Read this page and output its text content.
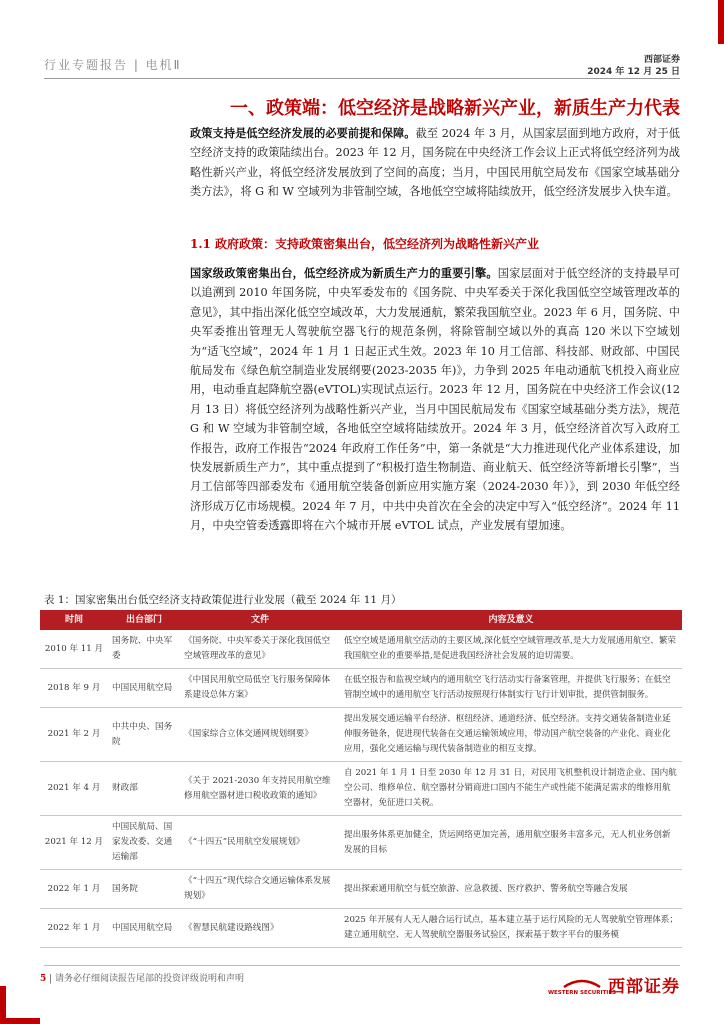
行业专题报告 | 电机Ⅱ	西部证券
2024 年 12 月 25 日
一、政策端：低空经济是战略新兴产业，新质生产力代表
政策支持是低空经济发展的必要前提和保障。截至 2024 年 3 月，从国家层面到地方政府，对于低空经济支持的政策陆续出台。2023 年 12 月，国务院在中央经济工作会议上正式将低空经济列为战略性新兴产业，将低空经济发展放到了空间的高度；当月，中国民用航空局发布《国家空域基础分类方法》，将 G 和 W 空域列为非管制空域，各地低空空域将陆续放开，低空经济发展步入快车道。
1.1 政府政策：支持政策密集出台，低空经济列为战略性新兴产业
国家级政策密集出台，低空经济成为新质生产力的重要引擎。国家层面对于低空经济的支持最早可以追溯到 2010 年国务院，中央军委发布的《国务院、中央军委关于深化我国低空空域管理改革的意见》，其中指出深化低空空域改革，大力发展通航，繁荣我国航空业。2023 年 6 月，国务院、中央军委推出管理无人驾驶航空器飞行的规范条例，将除管制空域以外的真高 120 米以下空域划为“适飞空域”，2024 年 1 月 1 日起正式生效。2023 年 10 月工信部、科技部、财政部、中国民航局发布《绿色航空制造业发展纲要(2023-2035 年)》，力争到 2025 年电动通航飞机投入商业应用，电动垂直起降航空器(eVTOL)实现试点运行。2023 年 12 月，国务院在中央经济工作会议(12 月 13 日）将低空经济列为战略性新兴产业，当月中国民航局发布《国家空域基础分类方法》，规范 G 和 W 空域为非管制空域，各地低空空域将陆续放开。2024 年 3 月，低空经济首次写入政府工作报告，政府工作报告“2024 年政府工作任务”中，第一条就是“大力推进现代化产业体系建设，加快发展新质生产力”，其中重点提到了“积极打造生物制造、商业航天、低空经济等新增长引擎”，当月工信部等四部委发布《通用航空装备创新应用实施方案（2024-2030 年）》，到 2030 年低空经济形成万亿市场规模。2024 年 7 月，中共中央首次在全会的决定中写入“低空经济”。2024 年 11 月，中央空管委透露即将在六个城市开展 eVTOL 试点，产业发展有望加速。
表 1：国家密集出台低空经济支持政策促进行业发展（截至 2024 年 11 月）
时间	出台部门	文件	内容及意义
2010 年 11 月	国务院、中央军委	《国务院、中央军委关于深化我国低空空域管理改革的意见》	低空空域是通用航空活动的主要区域,深化低空空域管理改革,是大力发展通用航空、繁荣我国航空业的重要举措,是促进我国经济社会发展的迫切需要。
2018 年 9 月	中国民用航空局	《中国民用航空局低空飞行服务保障体系建设总体方案》	在低空报告和监视空域内的通用航空飞行活动实行备案管理，并提供飞行服务；在低空管制空域中的通用航空飞行活动按照现行体制实行飞行计划审批，提供管制服务。
2021 年 2 月	中共中央、国务院	《国家综合立体交通网规划纲要》	提出发展交通运输平台经济、枢纽经济、通道经济、低空经济。支持交通装备制造业延伸服务链条，促进现代装备在交通运输领域应用，带动国产航空装备的产业化、商业化应用，强化交通运输与现代装备制造业的相互支撑。
2021 年 4 月	财政部	《关于 2021-2030 年支持民用航空维修用航空器材进口税收政策的通知》	自 2021 年 1 月 1 日至 2030 年 12 月 31 日，对民用飞机整机设计制造企业、国内航空公司、维修单位、航空器材分销商进口国内不能生产或性能不能满足需求的维修用航空器材，免征进口关税。
2021 年 12 月	中国民航局、国家发改委、交通运输部	《“十四五”民用航空发展规划》	提出服务体系更加健全，货运网络更加完善，通用航空服务丰富多元，无人机业务创新发展的目标
2022 年 1 月	国务院	《“十四五”现代综合交通运输体系发展规划》	提出探索通用航空与低空旅游、应急救援、医疗救护、警务航空等融合发展
2022 年 1 月	中国民用航空局	《智慧民航建设路线图》	2025 年开展有人无人融合运行试点，基本建立基于运行风险的无人驾驶航空管理体系；建立通用航空、无人驾驶航空器服务试验区，探索基于数字平台的服务模
5 | 请务必仔细阅读报告尾部的投资评级说明和声明
WESTERN SECURITIES
西部证券
